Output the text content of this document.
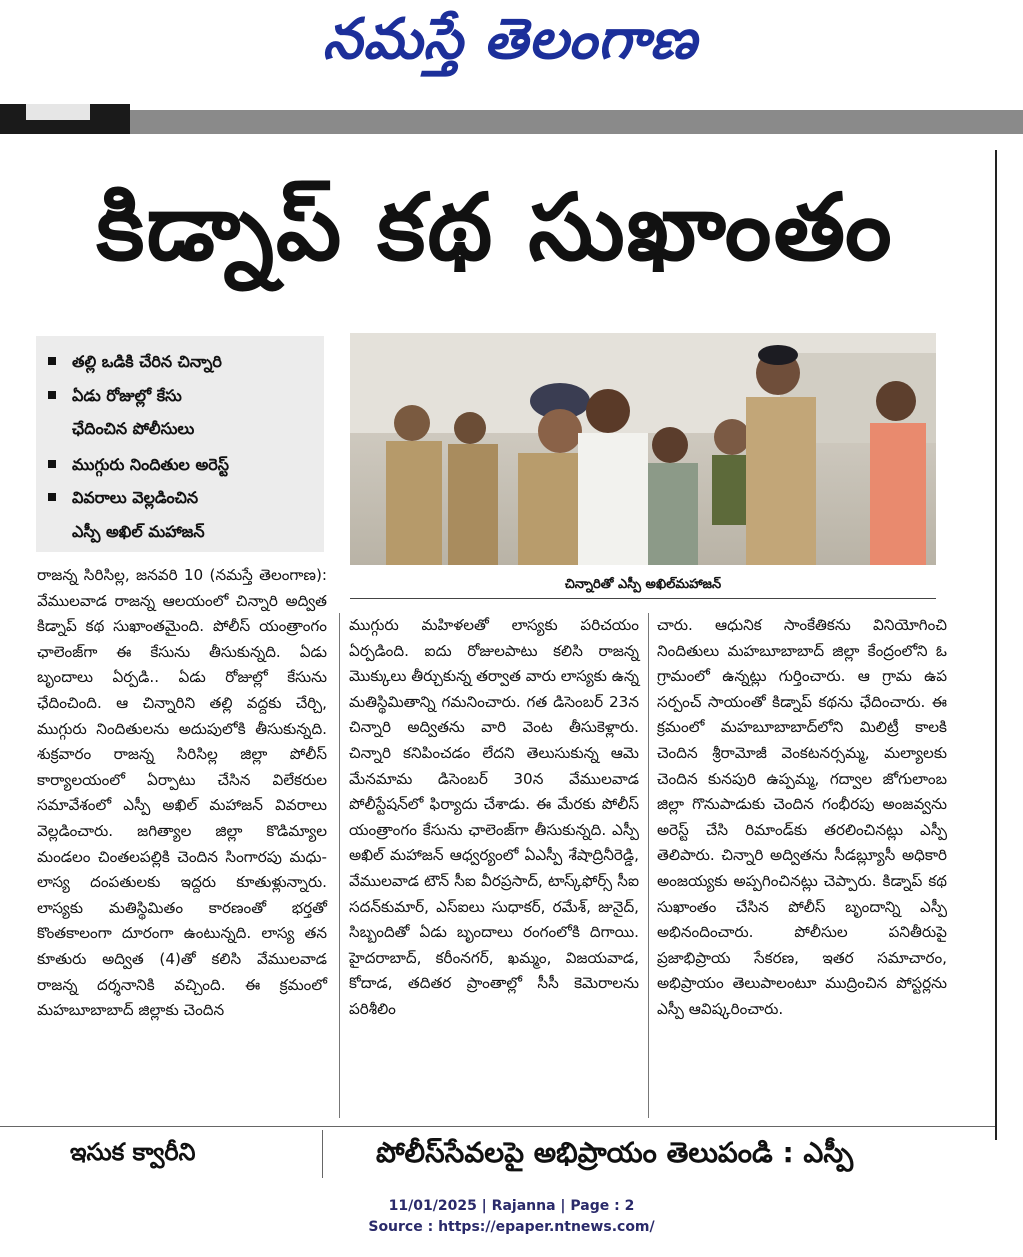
నమస్తే తెలంగాణ
కిడ్నాప్ కథ సుఖాంతం
తల్లి ఒడికి చేరిన చిన్నారి
ఏడు రోజుల్లో కేసు
ఛేదించిన పోలీసులు
ముగ్గురు నిందితుల అరెస్ట్
వివరాలు వెల్లడించిన
ఎస్పీ అఖిల్ మహాజన్
చిన్నారితో ఎస్పీ అఖిల్‌మహాజన్
రాజన్న సిరిసిల్ల, జనవరి 10 (నమస్తే తెలంగాణ): వేములవాడ రాజన్న ఆలయంలో చిన్నారి అద్విత కిడ్నాప్ కథ సుఖాంతమైంది. పోలీస్ యంత్రాంగం ఛాలెంజ్‌గా ఈ కేసును తీసుకున్నది. ఏడు బృందాలు ఏర్పడి.. ఏడు రోజుల్లో కేసును ఛేదించింది. ఆ చిన్నారిని తల్లి వద్దకు చేర్చి, ముగ్గురు నిందితులను అదుపులోకి తీసుకున్నది. శుక్రవారం రాజన్న సిరిసిల్ల జిల్లా పోలీస్ కార్యాలయంలో ఏర్పాటు చేసిన విలేకరుల సమావేశంలో ఎస్పీ అఖిల్ మహాజన్ వివరాలు వెల్లడించారు. జగిత్యాల జిల్లా కొడిమ్యాల మండలం చింతలపల్లికి చెందిన సింగారపు మధు-లాస్య దంపతులకు ఇద్దరు కూతుళ్లున్నారు. లాస్యకు మతిస్థిమితం కారణంతో భర్తతో కొంతకాలంగా దూరంగా ఉంటున్నది. లాస్య తన కూతురు అద్విత (4)తో కలిసి వేములవాడ రాజన్న దర్శనానికి వచ్చింది. ఈ క్రమంలో మహబూబాబాద్ జిల్లాకు చెందిన
ముగ్గురు మహిళలతో లాస్యకు పరిచయం ఏర్పడింది. ఐదు రోజులపాటు కలిసి రాజన్న మొక్కులు తీర్చుకున్న తర్వాత వారు లాస్యకు ఉన్న మతిస్థిమితాన్ని గమనించారు. గత డిసెంబర్ 23న చిన్నారి అద్వితను వారి వెంట తీసుకెళ్లారు. చిన్నారి కనిపించడం లేదని తెలుసుకున్న ఆమె మేనమామ డిసెంబర్ 30న వేములవాడ పోలీస్టేషన్‌లో ఫిర్యాదు చేశాడు. ఈ మేరకు పోలీస్ యంత్రాంగం కేసును ఛాలెంజ్‌గా తీసుకున్నది. ఎస్పీ అఖిల్ మహాజన్ ఆధ్వర్యంలో ఏఎస్పీ శేషాద్రినీరెడ్డి, వేములవాడ టౌన్ సీఐ వీరప్రసాద్, టాస్క్‌ఫోర్స్ సీఐ సదన్‌కుమార్, ఎస్ఐలు సుధాకర్, రమేశ్, జునైద్, సిబ్బందితో ఏడు బృందాలు రంగంలోకి దిగాయి. హైదరాబాద్, కరీంనగర్, ఖమ్మం, విజయవాడ, కోదాడ, తదితర ప్రాంతాల్లో సీసీ కెమెరాలను పరిశీలిం
చారు. ఆధునిక సాంకేతికను వినియోగించి నిందితులు మహబూబాబాద్ జిల్లా కేంద్రంలోని ఓ గ్రామంలో ఉన్నట్లు గుర్తించారు. ఆ గ్రామ ఉప సర్పంచ్ సాయంతో కిడ్నాప్ కథను ఛేదించారు. ఈ క్రమంలో మహబూబాబాద్‌లోని మిలిట్రీ కాలకి చెందిన శ్రీరామోజీ వెంకటనర్సమ్మ, మల్యాలకు చెందిన కునపురి ఉప్పమ్మ, గద్వాల జోగులాంబ జిల్లా గొనుపాడుకు చెందిన గంభీరపు అంజవ్వను అరెస్ట్ చేసి రిమాండ్‌కు తరలించినట్లు ఎస్పీ తెలిపారు. చిన్నారి అద్వితను సీడబ్ల్యూసీ అధికారి అంజయ్యకు అప్పగించినట్లు చెప్పారు. కిడ్నాప్ కథ సుఖాంతం చేసిన పోలీస్ బృందాన్ని ఎస్పీ అభినందించారు. పోలీసుల పనితీరుపై ప్రజాభిప్రాయ సేకరణ, ఇతర సమాచారం, అభిప్రాయం తెలుపాలంటూ ముద్రించిన పోస్టర్లను ఎస్పీ ఆవిష్కరించారు.
ఇసుక క్వారీని	పోలీస్‌సేవలపై అభిప్రాయం తెలుపండి : ఎస్పీ
11/01/2025 | Rajanna | Page : 2
Source : https://epaper.ntnews.com/
